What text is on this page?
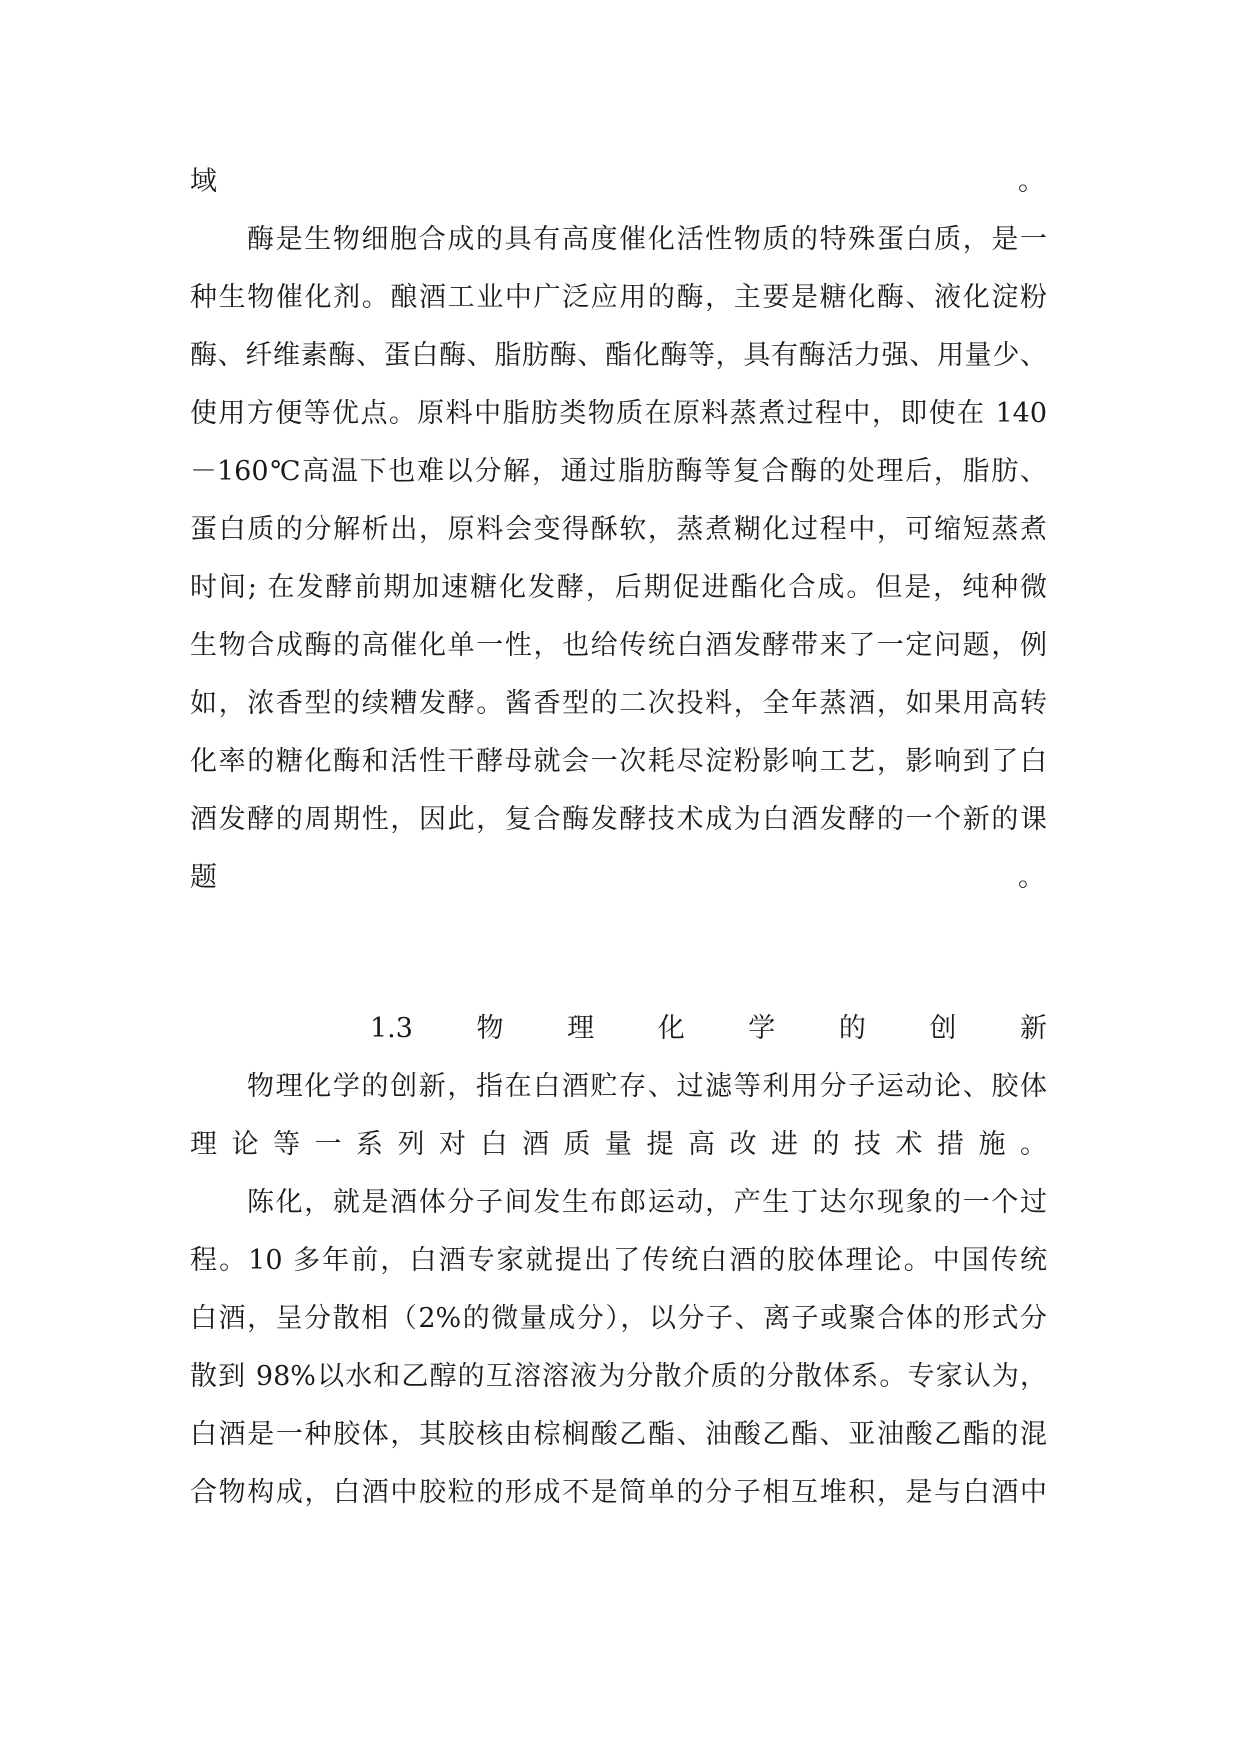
域	。
酶是生物细胞合成的具有高度催化活性物质的特殊蛋白质，是一
种生物催化剂。酿酒工业中广泛应用的酶，主要是糖化酶、液化淀粉
酶、纤维素酶、蛋白酶、脂肪酶、酯化酶等，具有酶活力强、用量少、
使用方便等优点。原料中脂肪类物质在原料蒸煮过程中，即使在 140
－160℃高温下也难以分解，通过脂肪酶等复合酶的处理后，脂肪、
蛋白质的分解析出，原料会变得酥软，蒸煮糊化过程中，可缩短蒸煮
时间; 在发酵前期加速糖化发酵，后期促进酯化合成。但是，纯种微
生物合成酶的高催化单一性，也给传统白酒发酵带来了一定问题，例
如，浓香型的续糟发酵。酱香型的二次投料，全年蒸酒，如果用高转
化率的糖化酶和活性干酵母就会一次耗尽淀粉影响工艺，影响到了白
酒发酵的周期性，因此，复合酶发酵技术成为白酒发酵的一个新的课
题	。
1.3 物 理 化 学 的 创 新
物理化学的创新，指在白酒贮存、过滤等利用分子运动论、胶体
理论等一系列对白酒质量提高改进的技术措施。
陈化，就是酒体分子间发生布郎运动，产生丁达尔现象的一个过
程。10 多年前，白酒专家就提出了传统白酒的胶体理论。中国传统
白酒，呈分散相（2%的微量成分），以分子、离子或聚合体的形式分
散到 98%以水和乙醇的互溶溶液为分散介质的分散体系。专家认为，
白酒是一种胶体，其胶核由棕榈酸乙酯、油酸乙酯、亚油酸乙酯的混
合物构成，白酒中胶粒的形成不是简单的分子相互堆积，是与白酒中
